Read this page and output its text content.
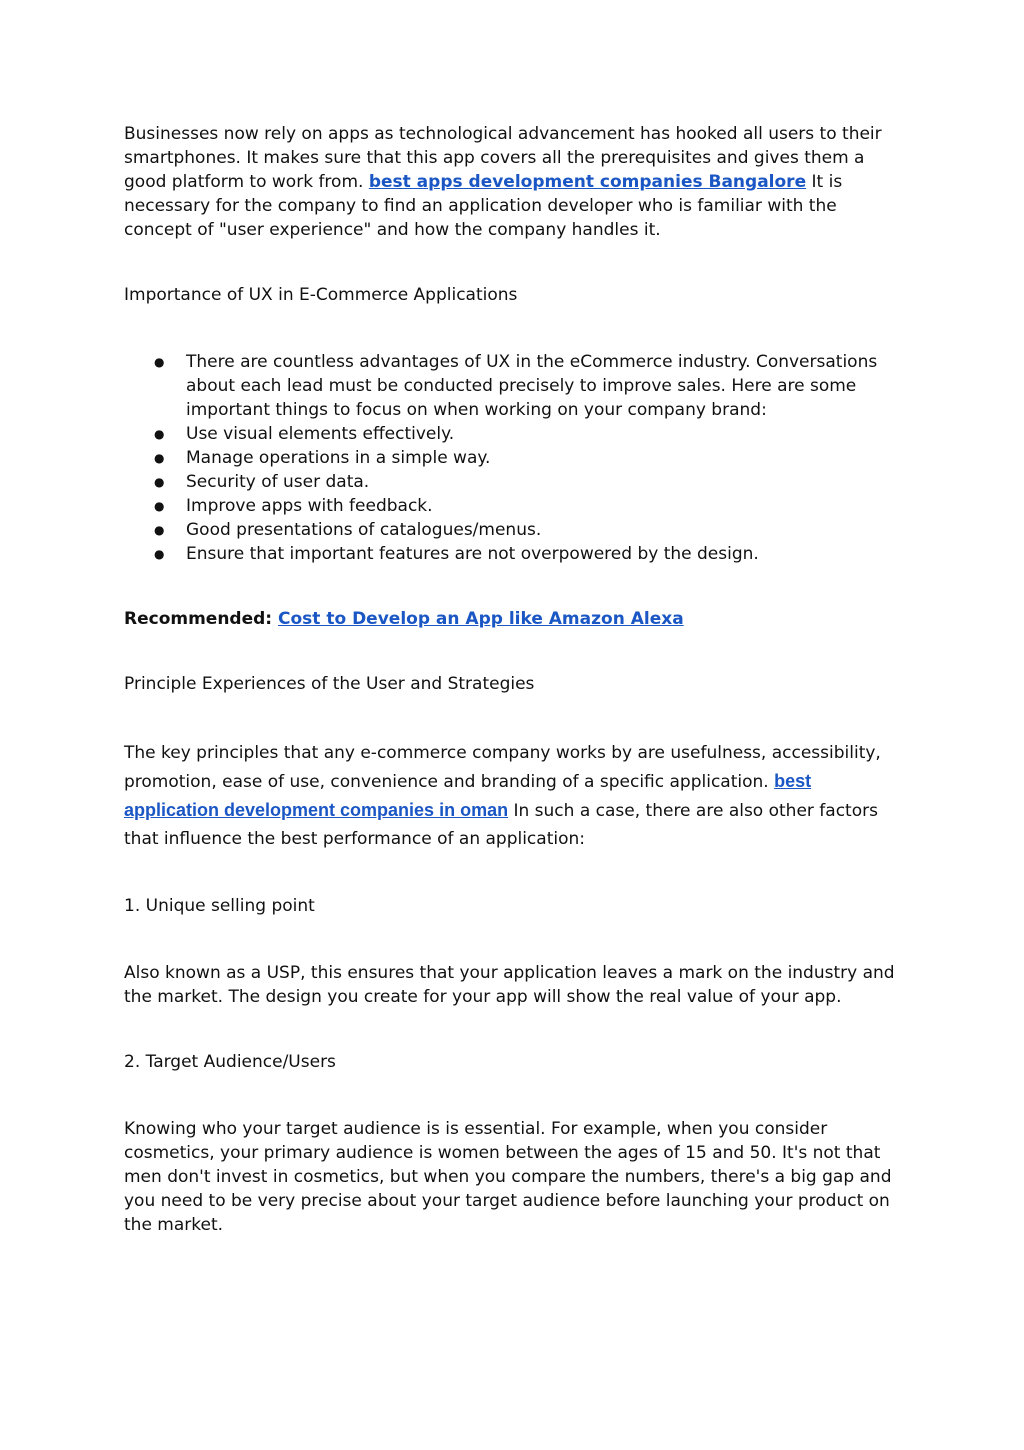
Businesses now rely on apps as technological advancement has hooked all users to their smartphones. It makes sure that this app covers all the prerequisites and gives them a good platform to work from. best apps development companies Bangalore It is necessary for the company to find an application developer who is familiar with the concept of "user experience" and how the company handles it.

Importance of UX in E-Commerce Applications

● There are countless advantages of UX in the eCommerce industry. Conversations about each lead must be conducted precisely to improve sales. Here are some important things to focus on when working on your company brand:
● Use visual elements effectively.
● Manage operations in a simple way.
● Security of user data.
● Improve apps with feedback.
● Good presentations of catalogues/menus.
● Ensure that important features are not overpowered by the design.

Recommended: Cost to Develop an App like Amazon Alexa

Principle Experiences of the User and Strategies

The key principles that any e-commerce company works by are usefulness, accessibility, promotion, ease of use, convenience and branding of a specific application. best application development companies in oman In such a case, there are also other factors that influence the best performance of an application:

1. Unique selling point

Also known as a USP, this ensures that your application leaves a mark on the industry and the market. The design you create for your app will show the real value of your app.

2. Target Audience/Users

Knowing who your target audience is is essential. For example, when you consider cosmetics, your primary audience is women between the ages of 15 and 50. It's not that men don't invest in cosmetics, but when you compare the numbers, there's a big gap and you need to be very precise about your target audience before launching your product on the market.
